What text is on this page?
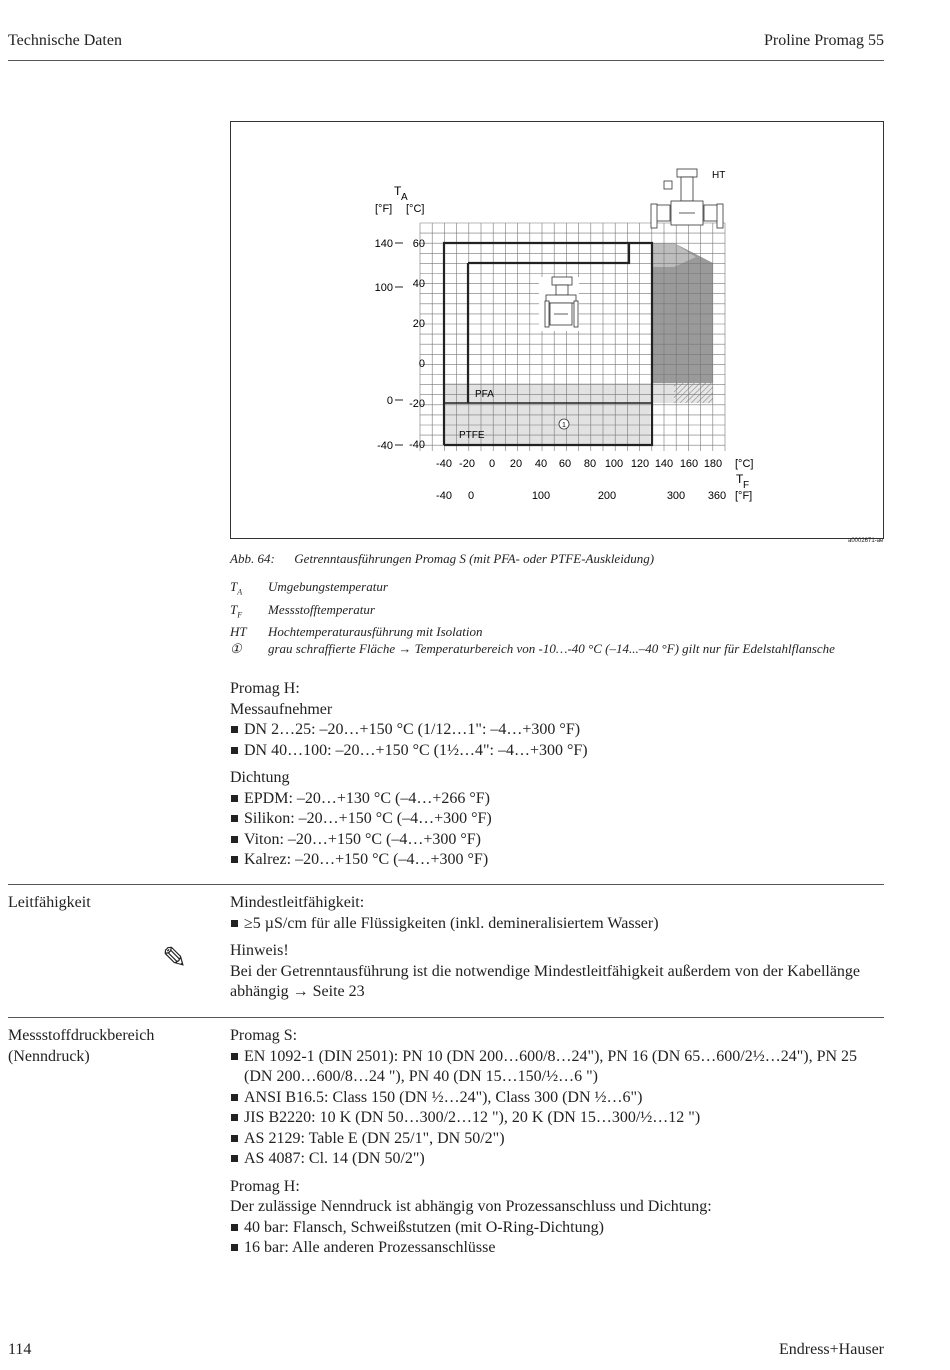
Technische Daten	Proline Promag 55
T A
[°F] [°C]
60
40
20
0
-20
-40
140
100
0
-40
-40 -20 0 20 40 60 80 100 120 140 160 180
-40 0	100	200	300 360
[°C]
T F
[°F]
PFA
PTFE
HT
1
a0002671-ae
Abb. 64: Getrenntausführungen Promag S (mit PFA- oder PTFE-Auskleidung)
$T_A$ Umgebungstemperatur
$T_F$ Messstofftemperatur
HT Hochtemperaturausführung mit Isolation
① grau schraffierte Fläche → Temperaturbereich von -10…-40 °C (–14...–40 °F) gilt nur für Edelstahlflansche
Promag H:
Messaufnehmer
DN 2…25: –20…+150 °C (1/12…1": –4…+300 °F)
DN 40…100: –20…+150 °C (1½…4": –4…+300 °F)
Dichtung
EPDM: –20…+130 °C (–4…+266 °F)
Silikon: –20…+150 °C (–4…+300 °F)
Viton: –20…+150 °C (–4…+300 °F)
Kalrez: –20…+150 °C (–4…+300 °F)
Leitfähigkeit
✎
Mindestleitfähigkeit:
≥5 µS/cm für alle Flüssigkeiten (inkl. demineralisiertem Wasser)
Hinweis!
Bei der Getrenntausführung ist die notwendige Mindestleitfähigkeit außerdem von der Kabellänge abhängig → Seite 23
Messstoffdruckbereich
(Nenndruck)
Promag S:
EN 1092-1 (DIN 2501): PN 10 (DN 200…600/8…24"), PN 16 (DN 65…600/2½…24"), PN 25 (DN 200…600/8…24 "), PN 40 (DN 15…150/½…6 ")
ANSI B16.5: Class 150 (DN ½…24"), Class 300 (DN ½…6")
JIS B2220: 10 K (DN 50…300/2…12 "), 20 K (DN 15…300/½…12 ")
AS 2129: Table E (DN 25/1", DN 50/2")
AS 4087: Cl. 14 (DN 50/2")
Promag H:
Der zulässige Nenndruck ist abhängig von Prozessanschluss und Dichtung:
40 bar: Flansch, Schweißstutzen (mit O-Ring-Dichtung)
16 bar: Alle anderen Prozessanschlüsse
114	Endress+Hauser
